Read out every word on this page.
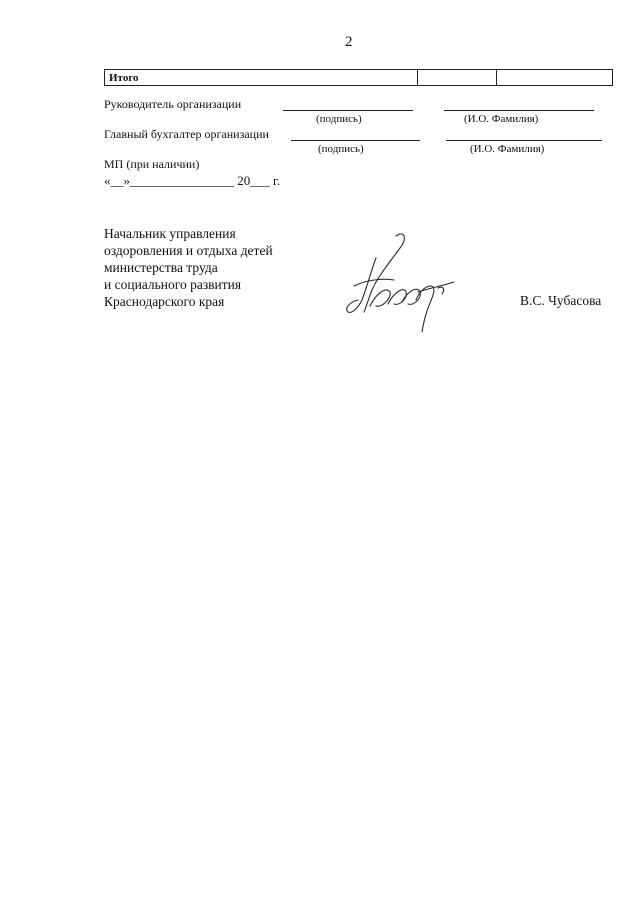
2
Итого
Руководитель организации
(подпись)	(И.О. Фамилия)
Главный бухгалтер организации
(подпись)	(И.О. Фамилия)
МП (при наличии)
«__»________________ 20___ г.
Начальник управления
оздоровления и отдыха детей
министерства труда
и социального развития
Краснодарского края	В.С. Чубасова
